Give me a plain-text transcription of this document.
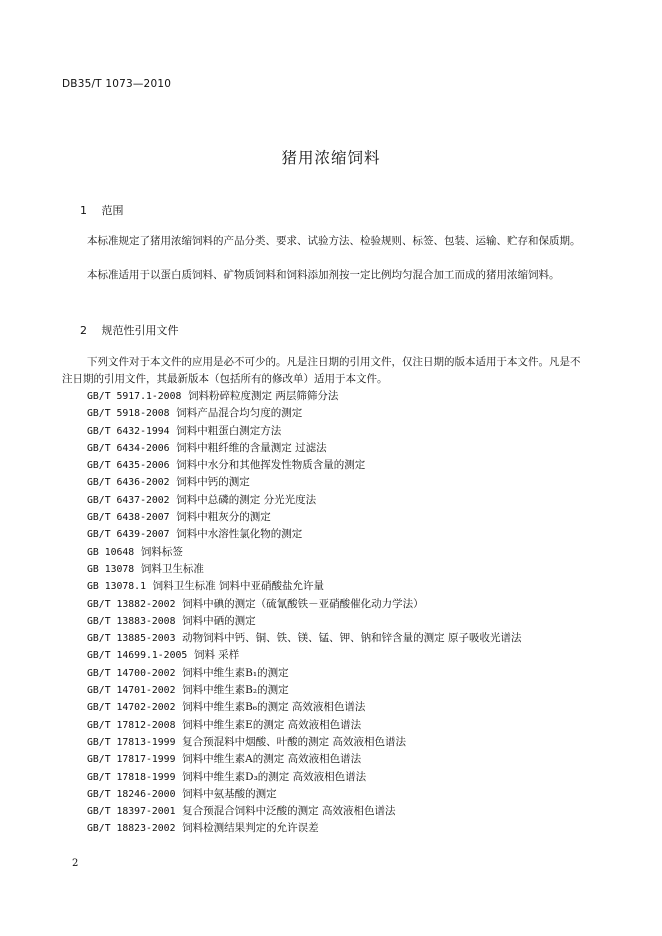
DB35/T 1073—2010
猪用浓缩饲料
1 范围

本标准规定了猪用浓缩饲料的产品分类、要求、试验方法、检验规则、标签、包装、运输、贮存和保质期。

本标准适用于以蛋白质饲料、矿物质饲料和饲料添加剂按一定比例均匀混合加工而成的猪用浓缩饲料。

2 规范性引用文件

下列文件对于本文件的应用是必不可少的。凡是注日期的引用文件，仅注日期的版本适用于本文件。凡是不注日期的引用文件，其最新版本（包括所有的修改单）适用于本文件。

GB/T 5917.1-2008 饲料粉碎粒度测定 两层筛筛分法
GB/T 5918-2008 饲料产品混合均匀度的测定
GB/T 6432-1994 饲料中粗蛋白测定方法
GB/T 6434-2006 饲料中粗纤维的含量测定 过滤法
GB/T 6435-2006 饲料中水分和其他挥发性物质含量的测定
GB/T 6436-2002 饲料中钙的测定
GB/T 6437-2002 饲料中总磷的测定 分光光度法
GB/T 6438-2007 饲料中粗灰分的测定
GB/T 6439-2007 饲料中水溶性氯化物的测定
GB 10648 饲料标签
GB 13078 饲料卫生标准
GB 13078.1 饲料卫生标准 饲料中亚硝酸盐允许量
GB/T 13882-2002 饲料中碘的测定（硫氰酸铁－亚硝酸催化动力学法）
GB/T 13883-2008 饲料中硒的测定
GB/T 13885-2003 动物饲料中钙、铜、铁、镁、锰、钾、钠和锌含量的测定 原子吸收光谱法
GB/T 14699.1-2005 饲料 采样
GB/T 14700-2002 饲料中维生素B₁的测定
GB/T 14701-2002 饲料中维生素B₂的测定
GB/T 14702-2002 饲料中维生素B₆的测定 高效液相色谱法
GB/T 17812-2008 饲料中维生素E的测定 高效液相色谱法
GB/T 17813-1999 复合预混料中烟酸、叶酸的测定 高效液相色谱法
GB/T 17817-1999 饲料中维生素A的测定 高效液相色谱法
GB/T 17818-1999 饲料中维生素D₃的测定 高效液相色谱法
GB/T 18246-2000 饲料中氨基酸的测定
GB/T 18397-2001 复合预混合饲料中泛酸的测定 高效液相色谱法
GB/T 18823-2002 饲料检测结果判定的允许误差
2
